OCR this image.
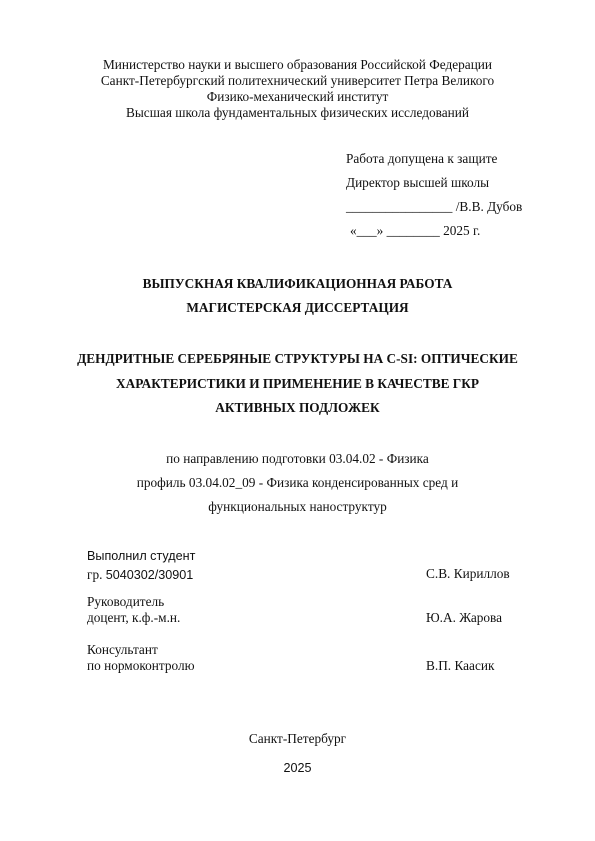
Министерство науки и высшего образования Российской Федерации
Санкт-Петербургский политехнический университет Петра Великого
Физико-механический институт
Высшая школа фундаментальных физических исследований
Работа допущена к защите
Директор высшей школы
________________ /В.В. Дубов
«___» ________ 2025 г.
ВЫПУСКНАЯ КВАЛИФИКАЦИОННАЯ РАБОТА
МАГИСТЕРСКАЯ ДИССЕРТАЦИЯ
ДЕНДРИТНЫЕ СЕРЕБРЯНЫЕ СТРУКТУРЫ НА C-SI: ОПТИЧЕСКИЕ
ХАРАКТЕРИСТИКИ И ПРИМЕНЕНИЕ В КАЧЕСТВЕ ГКР
АКТИВНЫХ ПОДЛОЖЕК
по направлению подготовки 03.04.02 - Физика
профиль 03.04.02_09 - Физика конденсированных сред и
функциональных наноструктур
Выполнил студент
гр. 5040302/30901	С.В. Кириллов
Руководитель
доцент, к.ф.-м.н.	Ю.А. Жарова
Консультант
по нормоконтролю	В.П. Каасик
Санкт-Петербург
2025
